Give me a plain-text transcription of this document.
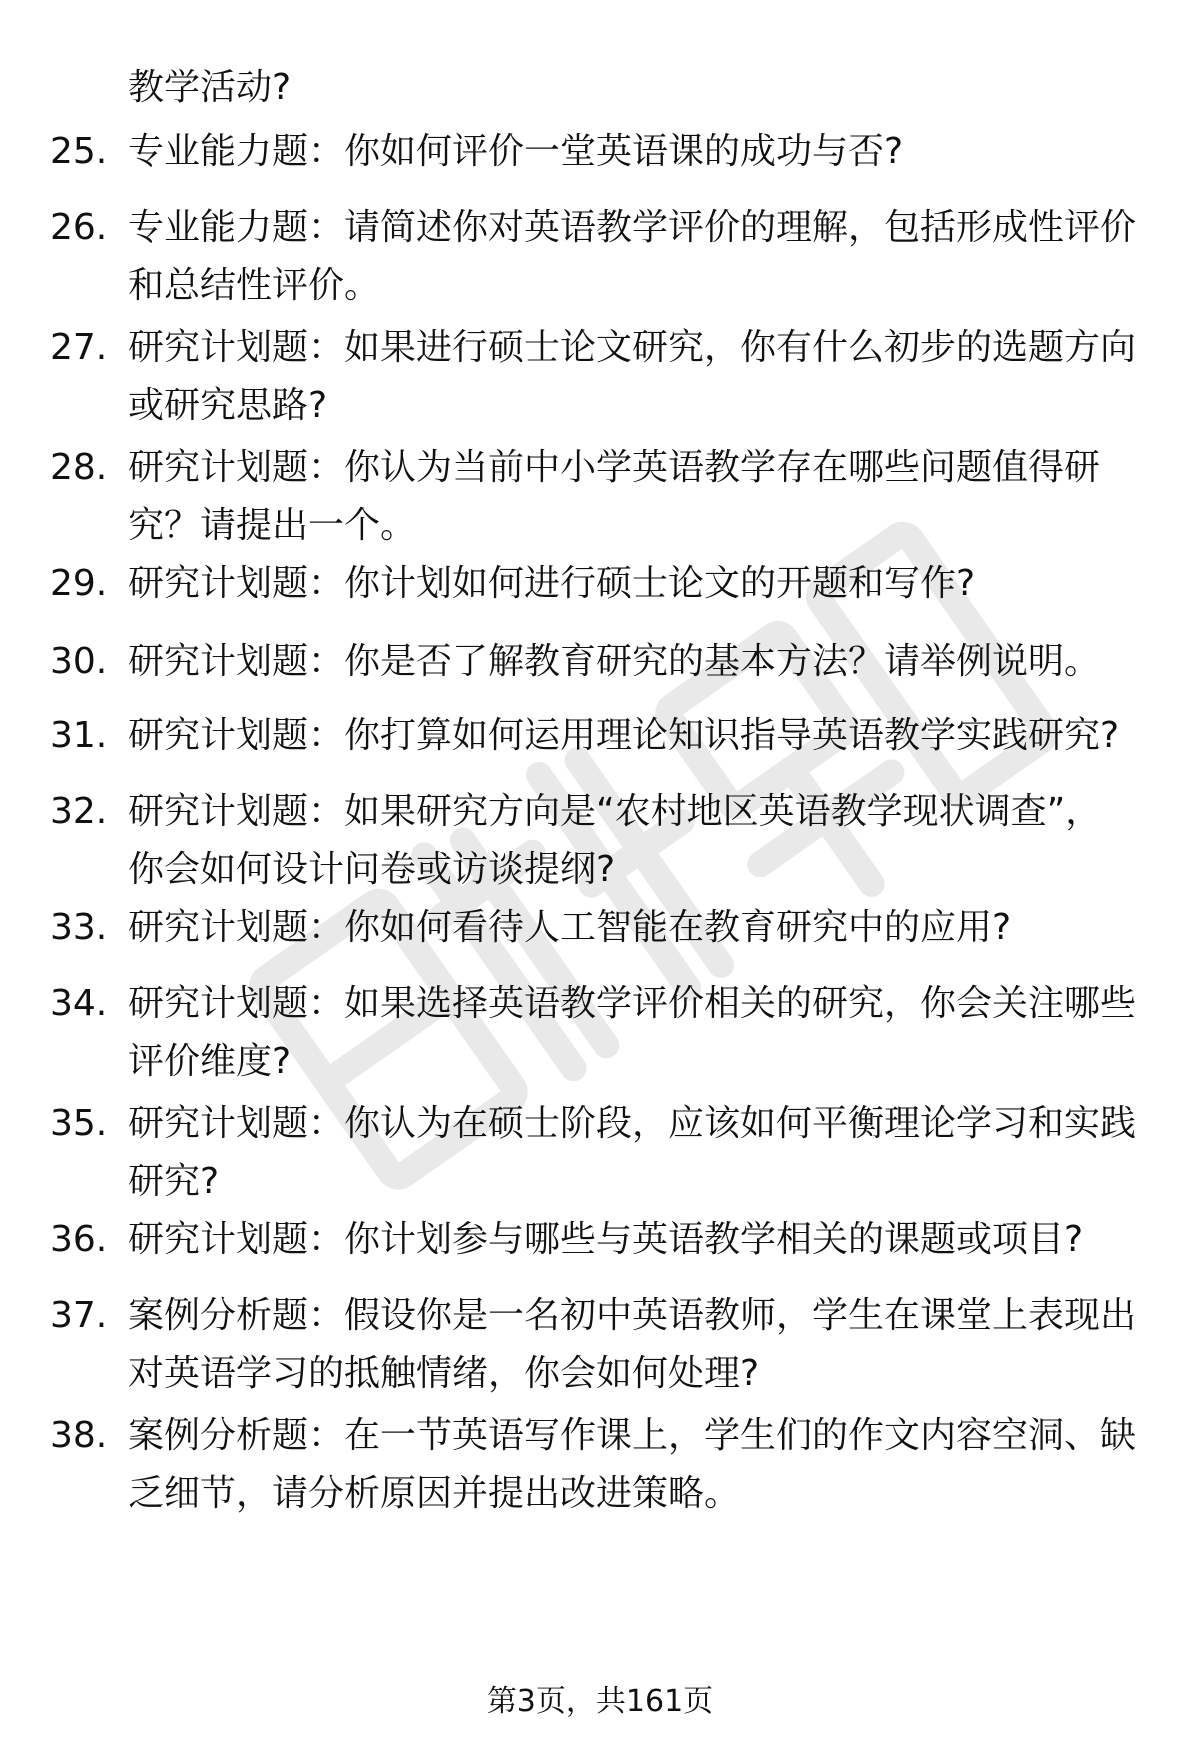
教学活动?
25. 专业能力题：你如何评价一堂英语课的成功与否?
26. 专业能力题：请简述你对英语教学评价的理解，包括形成性评价
和总结性评价。
27. 研究计划题：如果进行硕士论文研究，你有什么初步的选题方向
或研究思路?
28. 研究计划题：你认为当前中小学英语教学存在哪些问题值得研
究？请提出一个。
29. 研究计划题：你计划如何进行硕士论文的开题和写作?
30. 研究计划题：你是否了解教育研究的基本方法？请举例说明。
31. 研究计划题：你打算如何运用理论知识指导英语教学实践研究?
32. 研究计划题：如果研究方向是“农村地区英语教学现状调查”，
你会如何设计问卷或访谈提纲?
33. 研究计划题：你如何看待人工智能在教育研究中的应用?
34. 研究计划题：如果选择英语教学评价相关的研究，你会关注哪些
评价维度?
35. 研究计划题：你认为在硕士阶段，应该如何平衡理论学习和实践
研究?
36. 研究计划题：你计划参与哪些与英语教学相关的课题或项目?
37. 案例分析题：假设你是一名初中英语教师，学生在课堂上表现出
对英语学习的抵触情绪，你会如何处理?
38. 案例分析题：在一节英语写作课上，学生们的作文内容空洞、缺
乏细节，请分析原因并提出改进策略。
第3页，共161页
